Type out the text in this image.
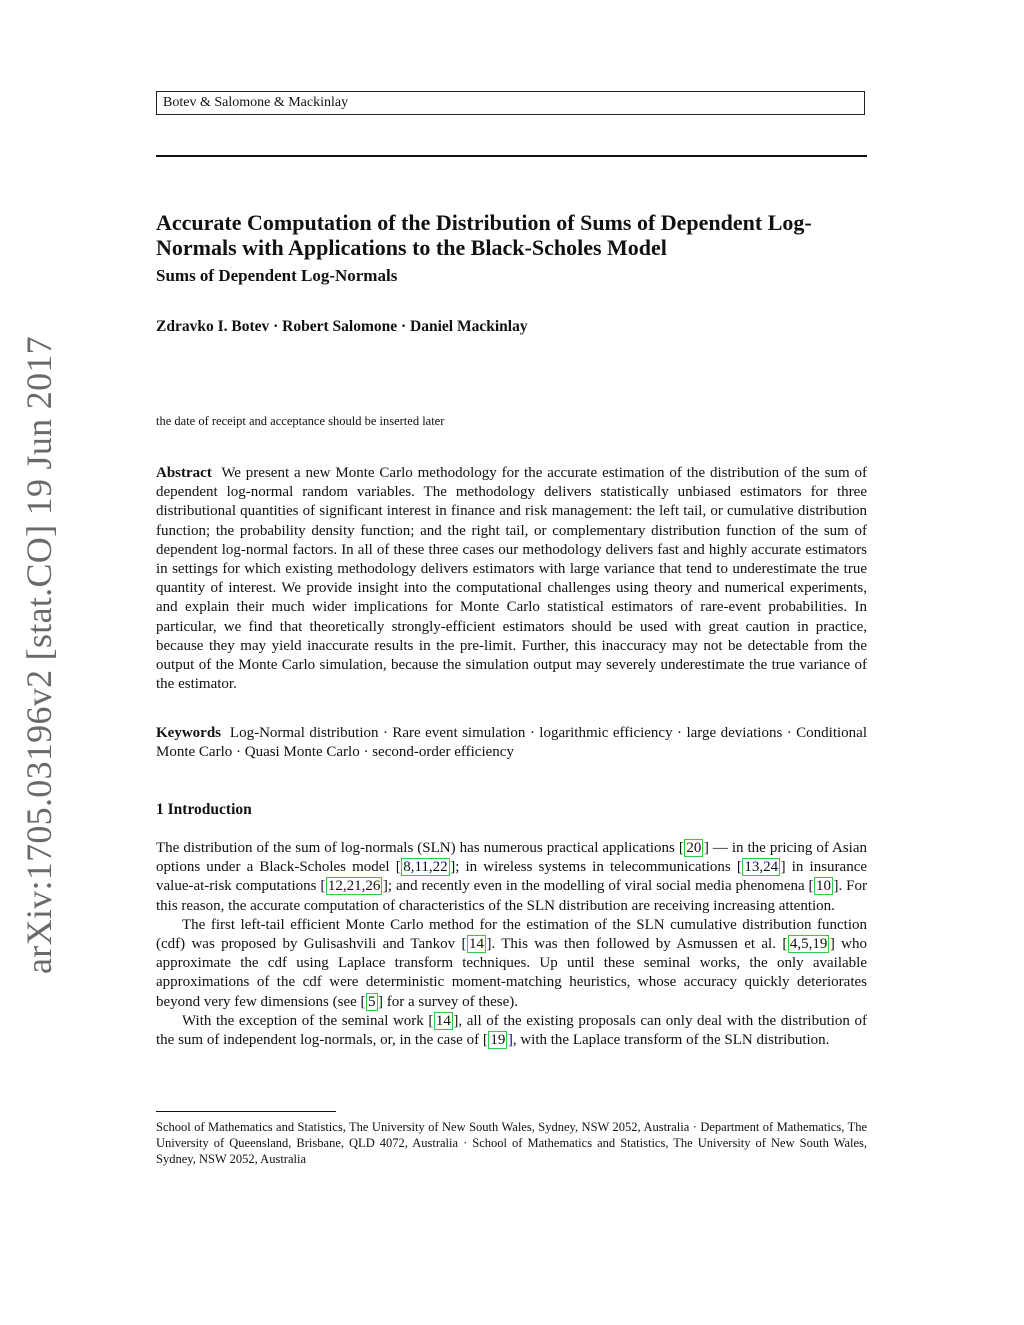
Botev & Salomone & Mackinlay
arXiv:1705.03196v2 [stat.CO] 19 Jun 2017
Accurate Computation of the Distribution of Sums of Dependent Log-Normals with Applications to the Black-Scholes Model
Sums of Dependent Log-Normals
Zdravko I. Botev · Robert Salomone · Daniel Mackinlay
the date of receipt and acceptance should be inserted later
Abstract We present a new Monte Carlo methodology for the accurate estimation of the distribution of the sum of dependent log-normal random variables. The methodology delivers statistically unbiased estimators for three distributional quantities of significant interest in finance and risk management: the left tail, or cumulative distribution function; the probability density function; and the right tail, or complementary distribution function of the sum of dependent log-normal factors. In all of these three cases our methodology delivers fast and highly accurate estimators in settings for which existing methodology delivers estimators with large variance that tend to underestimate the true quantity of interest. We provide insight into the computational challenges using theory and numerical experiments, and explain their much wider implications for Monte Carlo statistical estimators of rare-event probabilities. In particular, we find that theoretically strongly-efficient estimators should be used with great caution in practice, because they may yield inaccurate results in the pre-limit. Further, this inaccuracy may not be detectable from the output of the Monte Carlo simulation, because the simulation output may severely underestimate the true variance of the estimator.
Keywords Log-Normal distribution · Rare event simulation · logarithmic efficiency · large deviations · Conditional Monte Carlo · Quasi Monte Carlo · second-order efficiency
1 Introduction

The distribution of the sum of log-normals (SLN) has numerous practical applications [ 20 ] — in the pricing of Asian options under a Black-Scholes model [ 8,11,22 ]; in wireless systems in telecommunications [ 13,24 ] in insurance value-at-risk computations [ 12,21,26 ]; and recently even in the modelling of viral social media phenomena [ 10 ]. For this reason, the accurate computation of characteristics of the SLN distribution are receiving increasing attention.

The first left-tail efficient Monte Carlo method for the estimation of the SLN cumulative distribution function (cdf) was proposed by Gulisashvili and Tankov [ 14 ]. This was then followed by Asmussen et al. [ 4,5,19 ] who approximate the cdf using Laplace transform techniques. Up until these seminal works, the only available approximations of the cdf were deterministic moment-matching heuristics, whose accuracy quickly deteriorates beyond very few dimensions (see [ 5 ] for a survey of these).

With the exception of the seminal work [ 14 ], all of the existing proposals can only deal with the distribution of the sum of independent log-normals, or, in the case of [ 19 ], with the Laplace transform of the SLN distribution.

School of Mathematics and Statistics, The University of New South Wales, Sydney, NSW 2052, Australia · Department of Mathematics, The University of Queensland, Brisbane, QLD 4072, Australia · School of Mathematics and Statistics, The University of New South Wales, Sydney, NSW 2052, Australia
